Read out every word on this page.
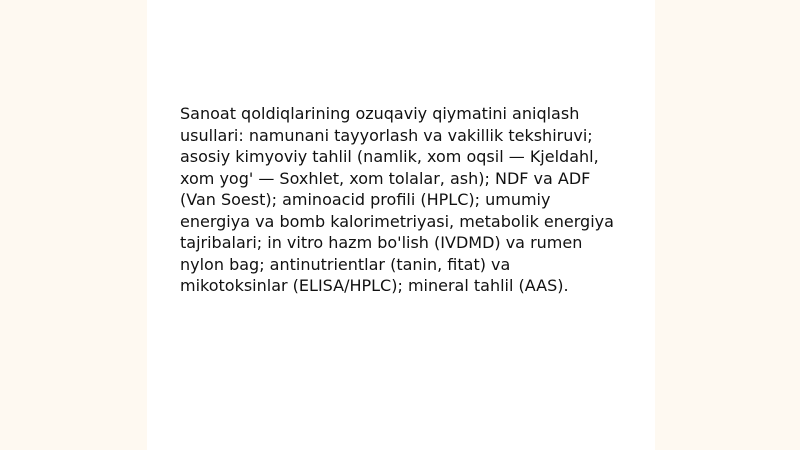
Sanoat qoldiqlarining ozuqaviy qiymatini aniqlash
usullari: namunani tayyorlash va vakillik tekshiruvi;
asosiy kimyoviy tahlil (namlik, xom oqsil — Kjeldahl,
xom yog' — Soxhlet, xom tolalar, ash); NDF va ADF
(Van Soest); aminoacid profili (HPLC); umumiy
energiya va bomb kalorimetriyasi, metabolik energiya
tajribalari; in vitro hazm bo'lish (IVDMD) va rumen
nylon bag; antinutrientlar (tanin, fitat) va
mikotoksinlar (ELISA/HPLC); mineral tahlil (AAS).
